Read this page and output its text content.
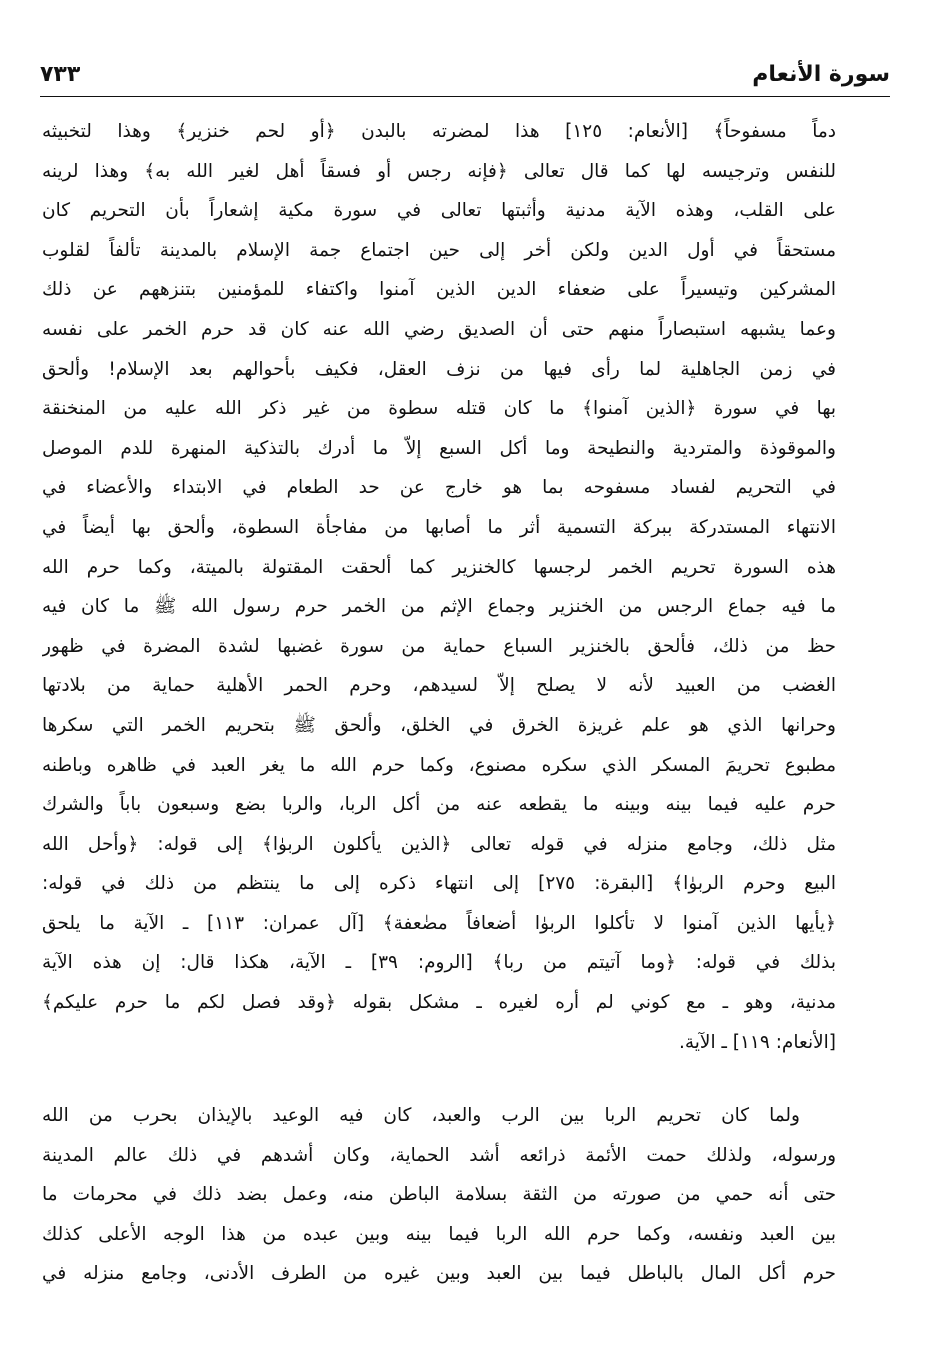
سورة الأنعام
٧٣٣
دماً مسفوحاً﴾ [الأنعام: ١٢٥] هذا لمضرته بالبدن ﴿أو لحم خنزير﴾ وهذا لتخبيثه
للنفس وترجيسه لها كما قال تعالى ﴿فإنه رجس أو فسقاً أهل لغير الله به﴾ وهذا لرينه
على القلب، وهذه الآية مدنية وأثبتها تعالى في سورة مكية إشعاراً بأن التحريم كان
مستحقاً في أول الدين ولكن أخر إلى حين اجتماع جمة الإسلام بالمدينة تألفاً لقلوب
المشركين وتيسيراً على ضعفاء الدين الذين آمنوا واكتفاء للمؤمنين بتنزههم عن ذلك
وعما يشبهه استبصاراً منهم حتى أن الصديق رضي الله عنه كان قد حرم الخمر على نفسه
في زمن الجاهلية لما رأى فيها من نزف العقل، فكيف بأحوالهم بعد الإسلام! وألحق
بها في سورة ﴿الذين آمنوا﴾ ما كان قتله سطوة من غير ذكر الله عليه من المنخنقة
والموقوذة والمتردية والنطيحة وما أكل السبع إلاّ ما أدرك بالتذكية المنهرة للدم الموصل
في التحريم لفساد مسفوحه بما هو خارج عن حد الطعام في الابتداء والأعضاء في
الانتهاء المستدركة ببركة التسمية أثر ما أصابها من مفاجأة السطوة، وألحق بها أيضاً في
هذه السورة تحريم الخمر لرجسها كالخنزير كما ألحقت المقتولة بالميتة، وكما حرم الله
ما فيه جماع الرجس من الخنزير وجماع الإثم من الخمر حرم رسول الله ﷺ ما كان فيه
حظ من ذلك، فألحق بالخنزير السباع حماية من سورة غضبها لشدة المضرة في ظهور
الغضب من العبيد لأنه لا يصلح إلاّ لسيدهم، وحرم الحمر الأهلية حماية من بلادتها
وحرانها الذي هو علم غريزة الخرق في الخلق، وألحق ﷺ بتحريم الخمر التي سكرها
مطبوع تحريمَ المسكر الذي سكره مصنوع، وكما حرم الله ما يغر العبد في ظاهره وباطنه
حرم عليه فيما بينه وبينه ما يقطعه عنه من أكل الربا، والربا بضع وسبعون باباً والشرك
مثل ذلك، وجامع منزله في قوله تعالى ﴿الذين يأكلون الربوٰا﴾ إلى قوله: ﴿وأحل الله
البيع وحرم الربوٰا﴾ [البقرة: ٢٧٥] إلى انتهاء ذكره إلى ما ينتظم من ذلك في قوله:
﴿يأيها الذين آمنوا لا تأكلوا الربوٰا أضعافاً مضٰعفة﴾ [آل عمران: ١١٣] ـ الآية ما يلحق
بذلك في قوله: ﴿وما آتيتم من ربا﴾ [الروم: ٣٩] ـ الآية، هكذا قال: إن هذه الآية
مدنية، وهو ـ مع كوني لم أره لغيره ـ مشكل بقوله ﴿وقد فصل لكم ما حرم عليكم﴾
[الأنعام: ١١٩] ـ الآية.
ولما كان تحريم الربا بين الرب والعبد، كان فيه الوعيد بالإيذان بحرب من الله
ورسوله، ولذلك حمت الأئمة ذرائعه أشد الحماية، وكان أشدهم في ذلك عالم المدينة
حتى أنه حمي من صورته من الثقة بسلامة الباطن منه، وعمل بضد ذلك في محرمات ما
بين العبد ونفسه، وكما حرم الله الربا فيما بينه وبين عبده من هذا الوجه الأعلى كذلك
حرم أكل المال بالباطل فيما بين العبد وبين غيره من الطرف الأدنى، وجامع منزله في
